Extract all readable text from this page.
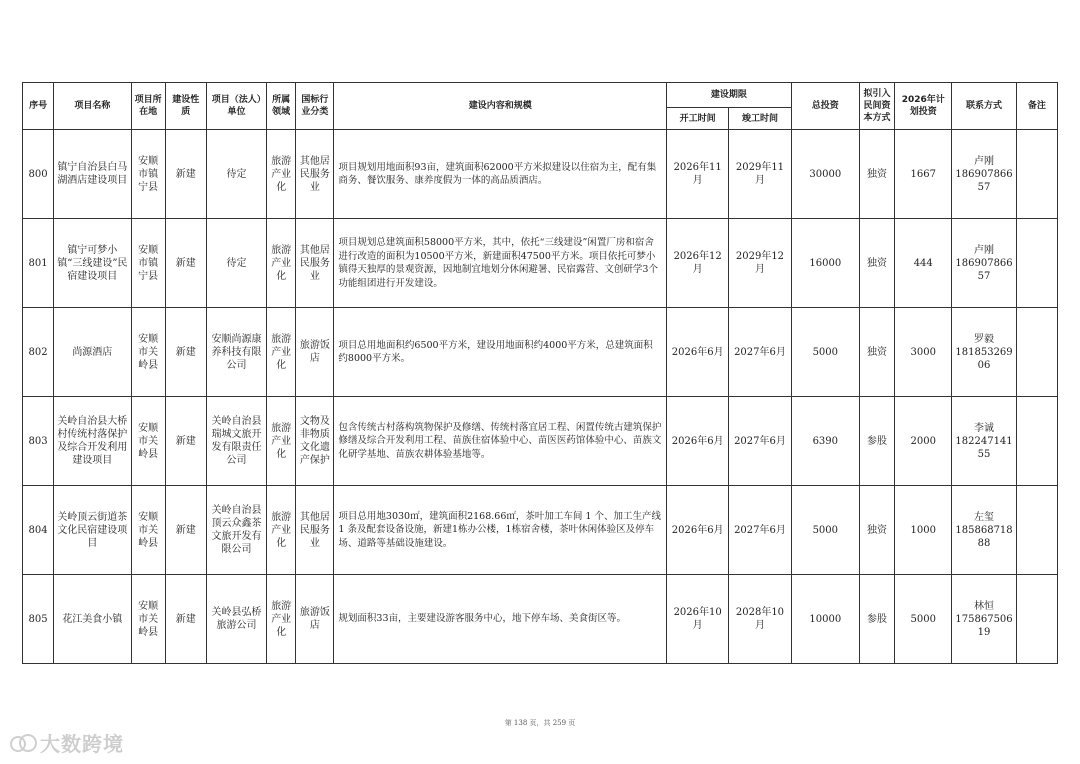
序号	项目名称	项目所在地	建设性质	项目（法人）单位	所属领域	国标行业分类	建设内容和规模	建设期限		总投资	拟引入民间资本方式	2026年计划投资	联系方式	备注
								开工时间	竣工时间					
800	镇宁自治县白马湖酒店建设项目	安顺市镇宁县	新建	待定	旅游产业化	其他居民服务业	项目规划用地面积93亩，建筑面积62000平方米拟建设以住宿为主，配有集商务、餐饮服务、康养度假为一体的高品质酒店。	2026年11月	2029年11月	30000	独资	1667	卢刚
18690786657	

801	镇宁可梦小镇“三线建设”民宿建设项目	安顺市镇宁县	新建	待定	旅游产业化	其他居民服务业	项目规划总建筑面积58000平方米，其中，依托“三线建设”闲置厂房和宿舍进行改造的面积为10500平方米，新建面积47500平方米。项目依托可梦小镇得天独厚的景观资源，因地制宜地划分休闲避暑、民宿露营、文创研学3个功能组团进行开发建设。	2026年12月	2029年12月	16000	独资	444	卢刚
18690786657	

802	尚源酒店	安顺市关岭县	新建	安顺尚源康养科技有限公司	旅游产业化	旅游饭店	项目总用地面积约6500平方米，建设用地面积约4000平方米，总建筑面积约8000平方米。	2026年6月	2027年6月	5000	独资	3000	罗毅
18185326906	

803	关岭自治县大桥村传统村落保护及综合开发利用建设项目	安顺市关岭县	新建	关岭自治县瑞城文旅开发有限责任公司	旅游产业化	文物及非物质文化遗产保护	包含传统古村落构筑物保护及修缮、传统村落宜居工程、闲置传统古建筑保护修缮及综合开发利用工程、苗族住宿体验中心、苗医医药馆体验中心、苗族文化研学基地、苗族农耕体验基地等。	2026年6月	2027年6月	6390	参股	2000	李诚
18224714155	

804	关岭顶云街道茶文化民宿建设项目	安顺市关岭县	新建	关岭自治县顶云众鑫茶文旅开发有限公司	旅游产业化	其他居民服务业	项目总用地3030㎡，建筑面积2168.66㎡，茶叶加工车间 1 个、加工生产线 1 条及配套设备设施，新建1栋办公楼，1栋宿舍楼，茶叶休闲体验区及停车场、道路等基础设施建设。	2026年6月	2027年6月	5000	独资	1000	左玺
18586871888	

805	花江美食小镇	安顺市关岭县	新建	关岭县弘桥旅游公司	旅游产业化	旅游饭店	规划面积33亩，主要建设游客服务中心，地下停车场、美食街区等。	2026年10月	2028年10月	10000	参股	5000	林恒
17586750619	

第 138 页，共 259 页
大数跨境
